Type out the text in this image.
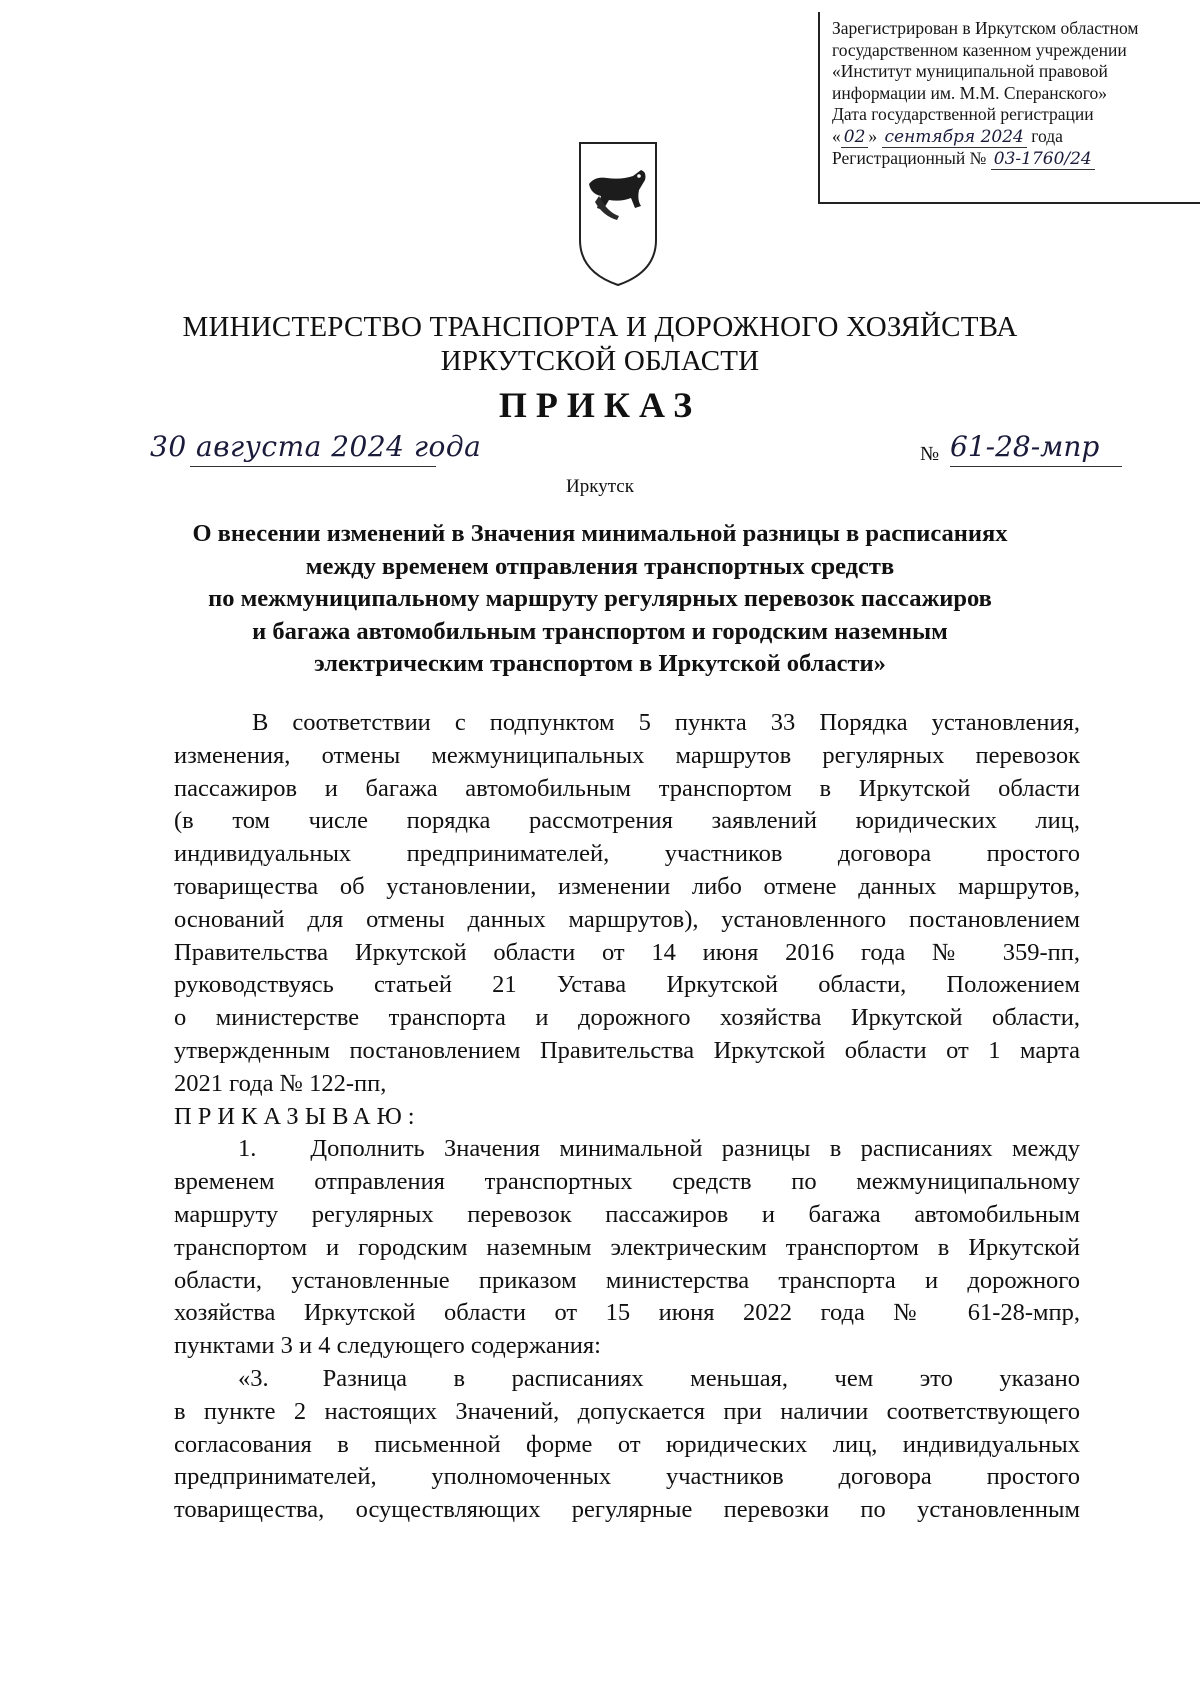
Зарегистрирован в Иркутском областном
государственном казенном учреждении
«Институт муниципальной правовой
информации им. М.М. Сперанского»
Дата государственной регистрации
« 02 » сентября 2024 года
Регистрационный № 03-1760/24
МИНИСТЕРСТВО ТРАНСПОРТА И ДОРОЖНОГО ХОЗЯЙСТВА
ИРКУТСКОЙ ОБЛАСТИ
ПРИКАЗ
30 августа 2024 года	№ 61-28-мпр
Иркутск
О внесении изменений в Значения минимальной разницы в расписаниях
между временем отправления транспортных средств
по межмуниципальному маршруту регулярных перевозок пассажиров
и багажа автомобильным транспортом и городским наземным
электрическим транспортом в Иркутской области»
В соответствии с подпунктом 5 пункта 33 Порядка установления,
изменения, отмены межмуниципальных маршрутов регулярных перевозок
пассажиров и багажа автомобильным транспортом в Иркутской области
(в том числе порядка рассмотрения заявлений юридических лиц,
индивидуальных предпринимателей, участников договора простого
товарищества об установлении, изменении либо отмене данных маршрутов,
оснований для отмены данных маршрутов), установленного постановлением
Правительства Иркутской области от 14 июня 2016 года № 359-пп,
руководствуясь статьей 21 Устава Иркутской области, Положением
о министерстве транспорта и дорожного хозяйства Иркутской области,
утвержденным постановлением Правительства Иркутской области от 1 марта
2021 года № 122-пп,
ПРИКАЗЫВАЮ:
1. Дополнить Значения минимальной разницы в расписаниях между
временем отправления транспортных средств по межмуниципальному
маршруту регулярных перевозок пассажиров и багажа автомобильным
транспортом и городским наземным электрическим транспортом в Иркутской
области, установленные приказом министерства транспорта и дорожного
хозяйства Иркутской области от 15 июня 2022 года № 61-28-мпр,
пунктами 3 и 4 следующего содержания:
«3. Разница в расписаниях меньшая, чем это указано
в пункте 2 настоящих Значений, допускается при наличии соответствующего
согласования в письменной форме от юридических лиц, индивидуальных
предпринимателей, уполномоченных участников договора простого
товарищества, осуществляющих регулярные перевозки по установленным
